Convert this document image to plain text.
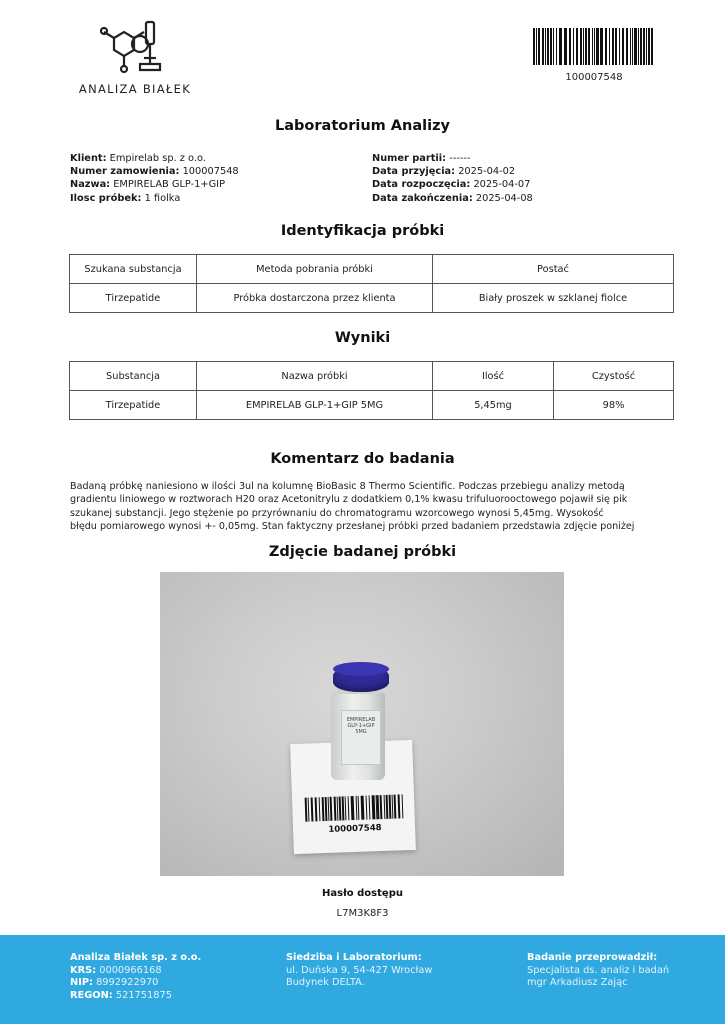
ANALIZA BIAŁEK
100007548
Laboratorium Analizy
Klient: Empirelab sp. z o.o.
Numer zamowienia: 100007548
Nazwa: EMPIRELAB GLP-1+GIP
Ilosc próbek: 1 fiolka
Numer partii: ------
Data przyjęcia: 2025-04-02
Data rozpoczęcia: 2025-04-07
Data zakończenia: 2025-04-08
Identyfikacja próbki
Szukana substancja	Metoda pobrania próbki	Postać
Tirzepatide	Próbka dostarczona przez klienta	Biały proszek w szklanej fiolce
Wyniki
Substancja	Nazwa próbki	Ilość	Czystość
Tirzepatide	EMPIRELAB GLP-1+GIP 5MG	5,45mg	98%
Komentarz do badania
Badaną próbkę naniesiono w ilości 3ul na kolumnę BioBasic 8 Thermo Scientific. Podczas przebiegu analizy metodą
gradientu liniowego w roztworach H20 oraz Acetonitrylu z dodatkiem 0,1% kwasu trifuluorooctowego pojawił się pik
szukanej substancji. Jego stężenie po przyrównaniu do chromatogramu wzorcowego wynosi 5,45mg. Wysokość
błędu pomiarowego wynosi +- 0,05mg. Stan faktyczny przesłanej próbki przed badaniem przedstawia zdjęcie poniżej
Zdjęcie badanej próbki
EMPIRELAB GLP-1+GIP 5MG
100007548
Hasło dostępu
L7M3K8F3
Analiza Białek sp. z o.o.
KRS: 0000966168
NIP: 8992922970
REGON: 521751875
Siedziba i Laboratorium:
ul. Duńska 9, 54-427 Wrocław
Budynek DELTA.
Badanie przeprowadził:
Specjalista ds. analiz i badań
mgr Arkadiusz Zając
